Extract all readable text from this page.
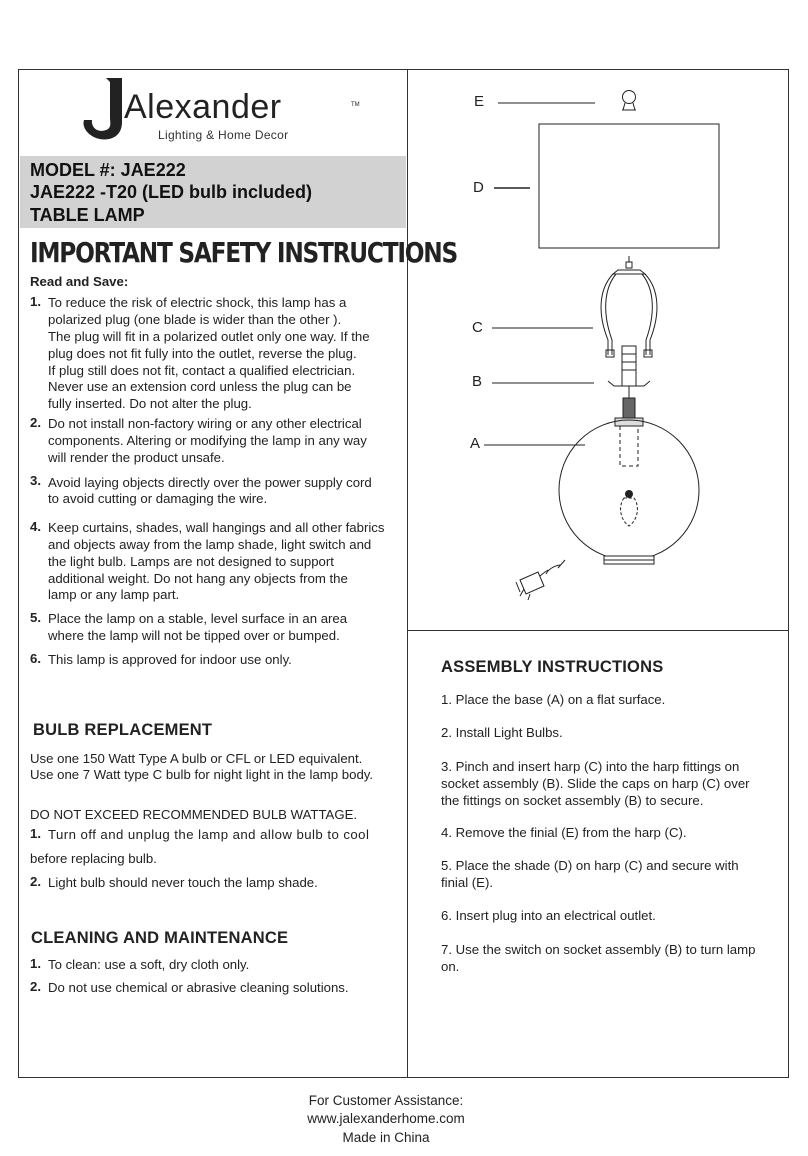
Alexander	TM
Lighting & Home Decor
MODEL #: JAE222
JAE222 -T20 (LED bulb included)
TABLE LAMP
IMPORTANT SAFETY INSTRUCTIONS
Read and Save:
1. To reduce the risk of electric shock, this lamp has a
polarized plug (one blade is wider than the other ).
The plug will fit in a polarized outlet only one way. If the
plug does not fit fully into the outlet, reverse the plug.
If plug still does not fit, contact a qualified electrician.
Never use an extension cord unless the plug can be
fully inserted. Do not alter the plug.
2. Do not install non-factory wiring or any other electrical
components. Altering or modifying the lamp in any way
will render the product unsafe.
3. Avoid laying objects directly over the power supply cord
to avoid cutting or damaging the wire.
4. Keep curtains, shades, wall hangings and all other fabrics
and objects away from the lamp shade, light switch and
the light bulb. Lamps are not designed to support
additional weight. Do not hang any objects from the
lamp or any lamp part.
5. Place the lamp on a stable, level surface in an area
where the lamp will not be tipped over or bumped.
6. This lamp is approved for indoor use only.
BULB REPLACEMENT
Use one 150 Watt Type A bulb or CFL or LED equivalent.
Use one 7 Watt type C bulb for night light in the lamp body.
DO NOT EXCEED RECOMMENDED BULB WATTAGE.
1. Turn off and unplug the lamp and allow bulb to cool
before replacing bulb.
2. Light bulb should never touch the lamp shade.
CLEANING AND MAINTENANCE
1. To clean: use a soft, dry cloth only.
2. Do not use chemical or abrasive cleaning solutions.
E
D
C
B
A
ASSEMBLY INSTRUCTIONS
1. Place the base (A) on a flat surface.
2. Install Light Bulbs.
3. Pinch and insert harp (C) into the harp fittings on
socket assembly (B). Slide the caps on harp (C) over
the fittings on socket assembly (B) to secure.
4. Remove the finial (E) from the harp (C).
5. Place the shade (D) on harp (C) and secure with
finial (E).
6. Insert plug into an electrical outlet.
7. Use the switch on socket assembly (B) to turn lamp
on.
For Customer Assistance:
www.jalexanderhome.com
Made in China
